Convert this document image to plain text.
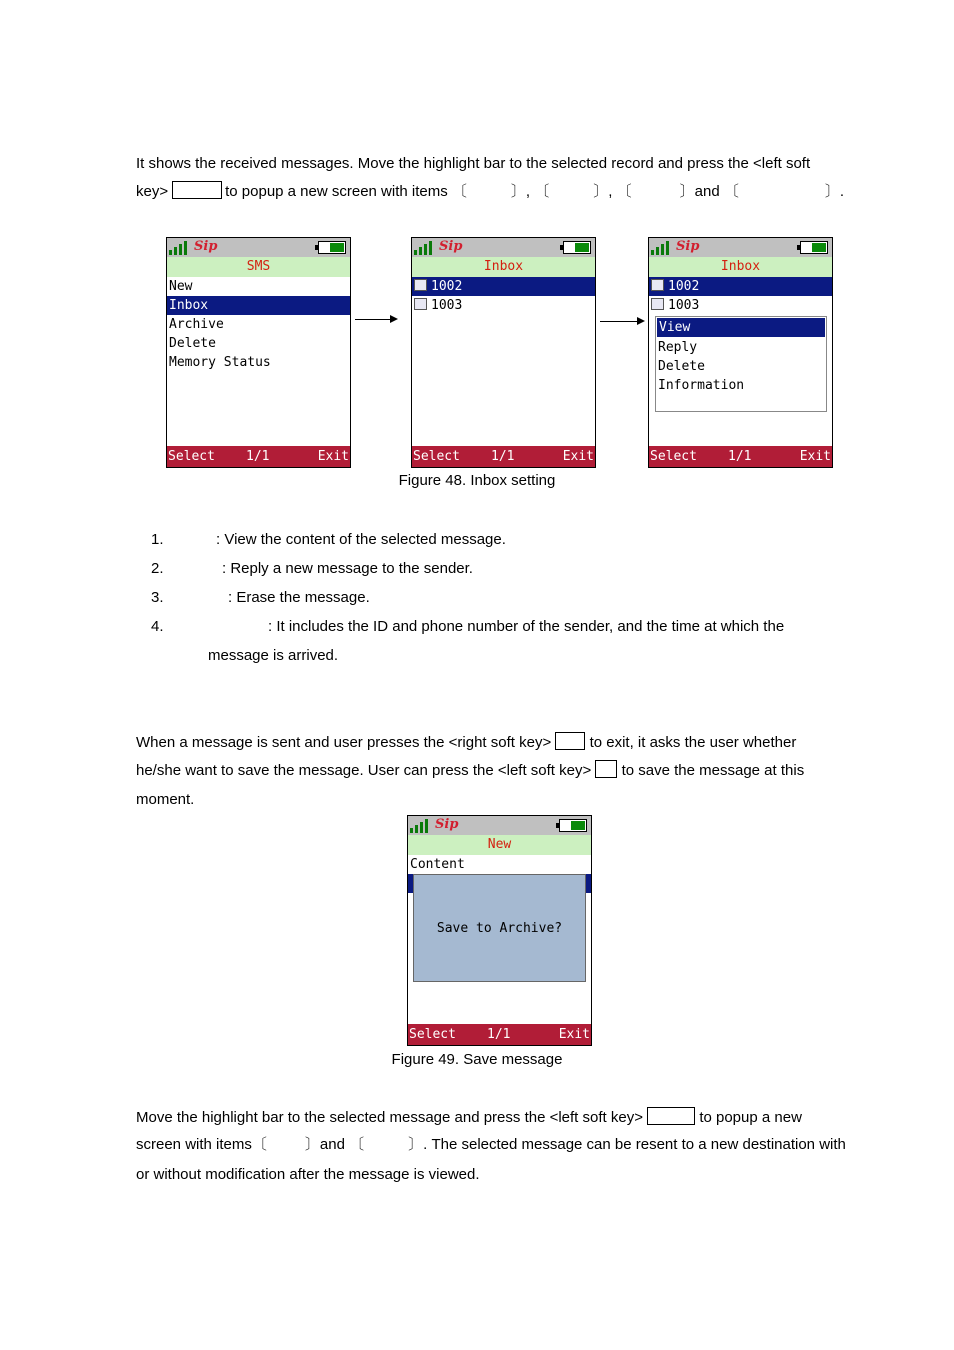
It shows the received messages. Move the highlight bar to the selected record and press the <left soft

key>	to popup a new screen with items 〔	〕, 〔	〕, 〔	〕and 〔	〕.

Sip
SMS
New
Inbox
Archive
Delete
Memory Status
Select 1/1	Exit
Sip
Inbox
1002
1003
Select 1/1	Exit
Sip
Inbox
1002
1003
View
Reply
Delete
Information
Select 1/1	Exit
Figure 48. Inbox setting
1.	: View the content of the selected message.
2.	: Reply a new message to the sender.
3.	: Erase the message.
4.	: It includes the ID and phone number of the sender, and the time at which the
message is arrived.

When a message is sent and user presses the <right soft key>	to exit, it asks the user whether

he/she want to save the message. User can press the <left soft key> to save the message at this

moment.

Sip
New
Content
Save to Archive?
Select 1/1	Exit
Figure 49. Save message

Move the highlight bar to the selected message and press the <left soft key>	to popup a new

screen with items〔	〕and 〔	〕. The selected message can be resent to a new destination with

or without modification after the message is viewed.
